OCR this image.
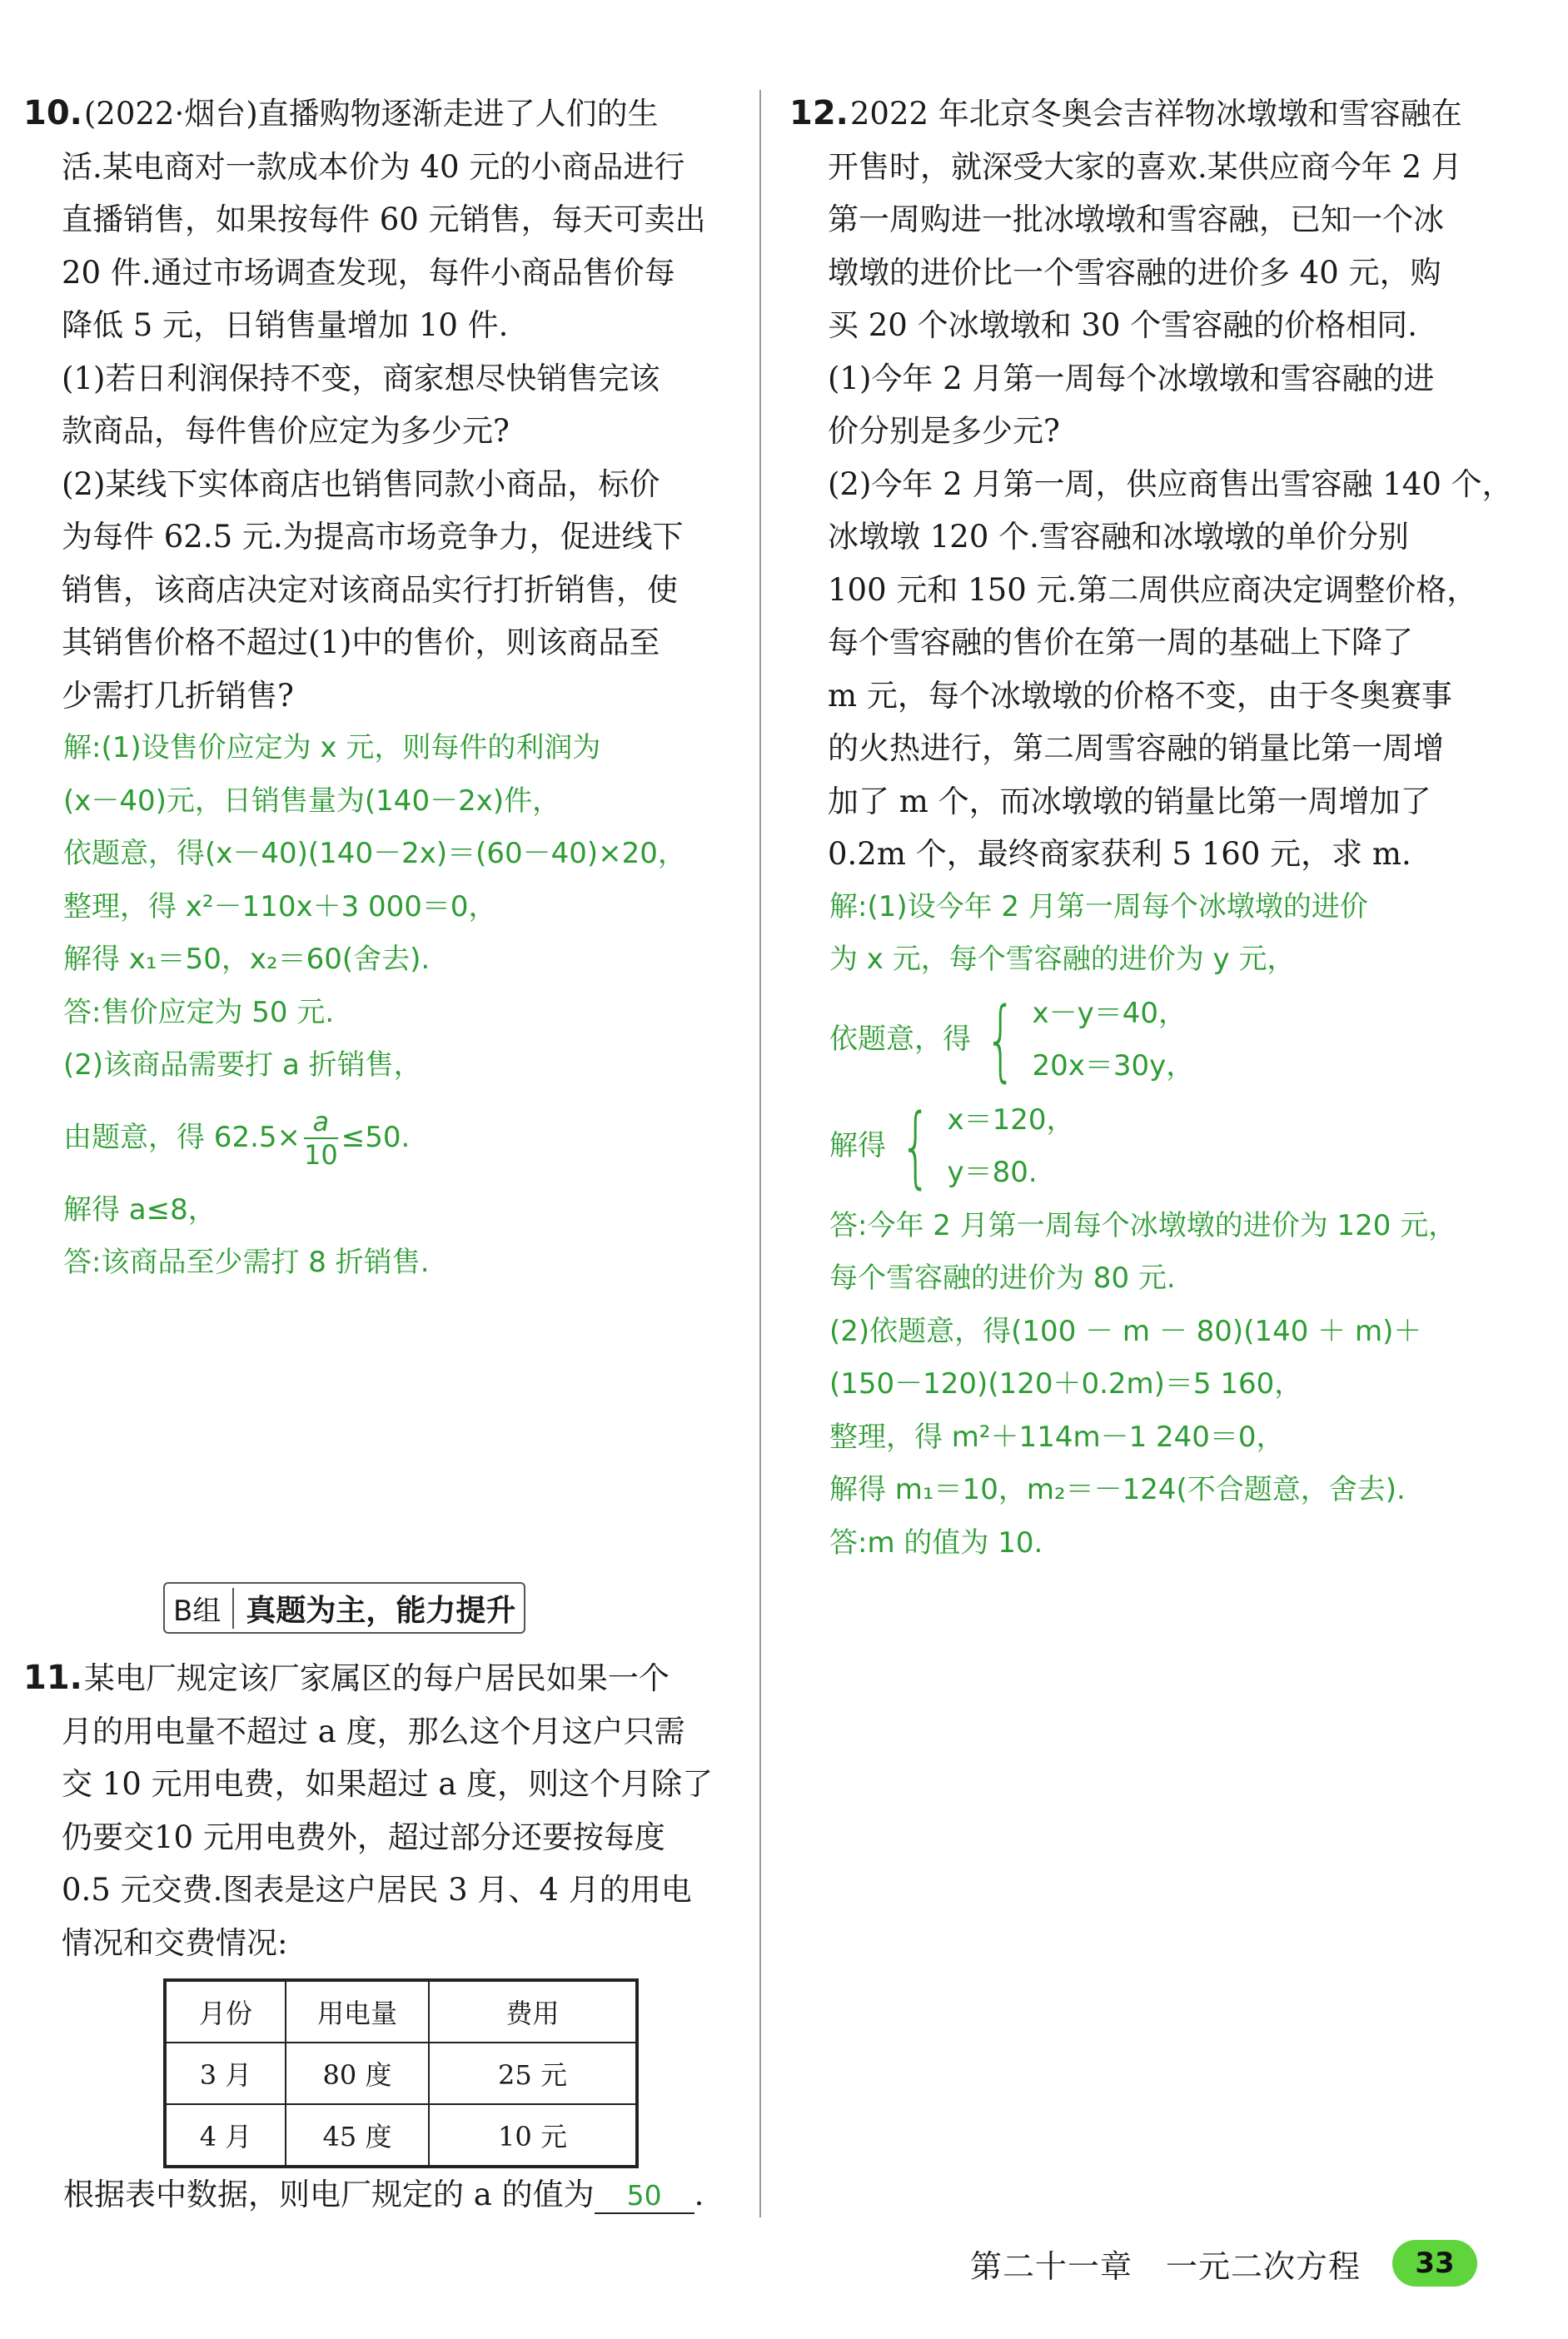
10.(2022·烟台)直播购物逐渐走进了人们的生

活.某电商对一款成本价为 40 元的小商品进行

直播销售，如果按每件 60 元销售，每天可卖出

20 件.通过市场调查发现，每件小商品售价每

降低 5 元，日销售量增加 10 件.

(1)若日利润保持不变，商家想尽快销售完该

款商品，每件售价应定为多少元?

(2)某线下实体商店也销售同款小商品，标价

为每件 62.5 元.为提高市场竞争力，促进线下

销售，该商店决定对该商品实行打折销售，使

其销售价格不超过(1)中的售价，则该商品至

少需打几折销售?

解:(1)设售价应定为 x 元，则每件的利润为

(x－40)元，日销售量为(140－2x)件，

依题意，得(x－40)(140－2x)＝(60－40)×20，

整理，得 x²－110x＋3 000＝0，

解得 x₁＝50，x₂＝60(舍去).

答:售价应定为 50 元.

(2)该商品需要打 a 折销售，

由题意，得 $62.5\times \frac{a}{10} \le 50$.

解得 a≤8，

答:该商品至少需打 8 折销售.

B组 真题为主，能力提升

11.某电厂规定该厂家属区的每户居民如果一个

月的用电量不超过 a 度，那么这个月这户只需

交 10 元用电费，如果超过 a 度，则这个月除了

仍要交10 元用电费外，超过部分还要按每度

0.5 元交费.图表是这户居民 3 月、4 月的用电

情况和交费情况:

月份	用电量	费用
3 月	80 度	25 元
4 月	45 度	10 元

根据表中数据，则电厂规定的 a 的值为 50 .

12.2022 年北京冬奥会吉祥物冰墩墩和雪容融在

开售时，就深受大家的喜欢.某供应商今年 2 月

第一周购进一批冰墩墩和雪容融，已知一个冰

墩墩的进价比一个雪容融的进价多 40 元，购

买 20 个冰墩墩和 30 个雪容融的价格相同.

(1)今年 2 月第一周每个冰墩墩和雪容融的进

价分别是多少元?

(2)今年 2 月第一周，供应商售出雪容融 140 个，

冰墩墩 120 个.雪容融和冰墩墩的单价分别

100 元和 150 元.第二周供应商决定调整价格，

每个雪容融的售价在第一周的基础上下降了

m 元，每个冰墩墩的价格不变，由于冬奥赛事

的火热进行，第二周雪容融的销量比第一周增

加了 m 个，而冰墩墩的销量比第一周增加了

0.2m 个，最终商家获利 5 160 元，求 m.

解:(1)设今年 2 月第一周每个冰墩墩的进价

为 x 元，每个雪容融的进价为 y 元，

依题意，得 { x－y＝40，
20x＝30y，
解得 { x＝120，
y＝80.

答:今年 2 月第一周每个冰墩墩的进价为 120 元，

每个雪容融的进价为 80 元.

(2)依题意，得(100 － m － 80)(140 ＋ m)＋

(150－120)(120＋0.2m)＝5 160，

整理，得 m²＋114m－1 240＝0，

解得 m₁＝10，m₂＝－124(不合题意，舍去).

答:m 的值为 10.

第二十一章 一元二次方程	33
